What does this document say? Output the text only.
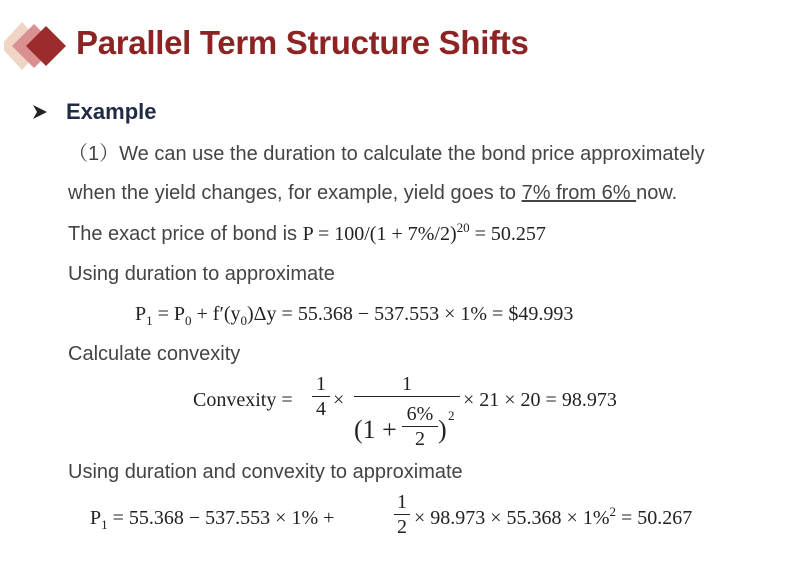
Parallel Term Structure Shifts
Example
（1）We can use the duration to calculate the bond price approximately
when the yield changes, for example, yield goes to 7% from 6% now.
The exact price of bond is $P = 100/(1 + 7\%/2)^{20} = 50.257$
Using duration to approximate
$P_1 = P_0 + f'(y_0)\Delta y = 55.368 - 537.553 \times 1\%$ = $49.993
Calculate convexity
Convexity =
1
4 ×
1
(1 +
6%
2 ) 2
× 21 × 20 = 98.973
Using duration and convexity to approximate
$P_1 = 55.368 - 537.553 \times 1\%$ +
1
2 × 98.973 × 55.368 × 1%$^2$ = 50.267
